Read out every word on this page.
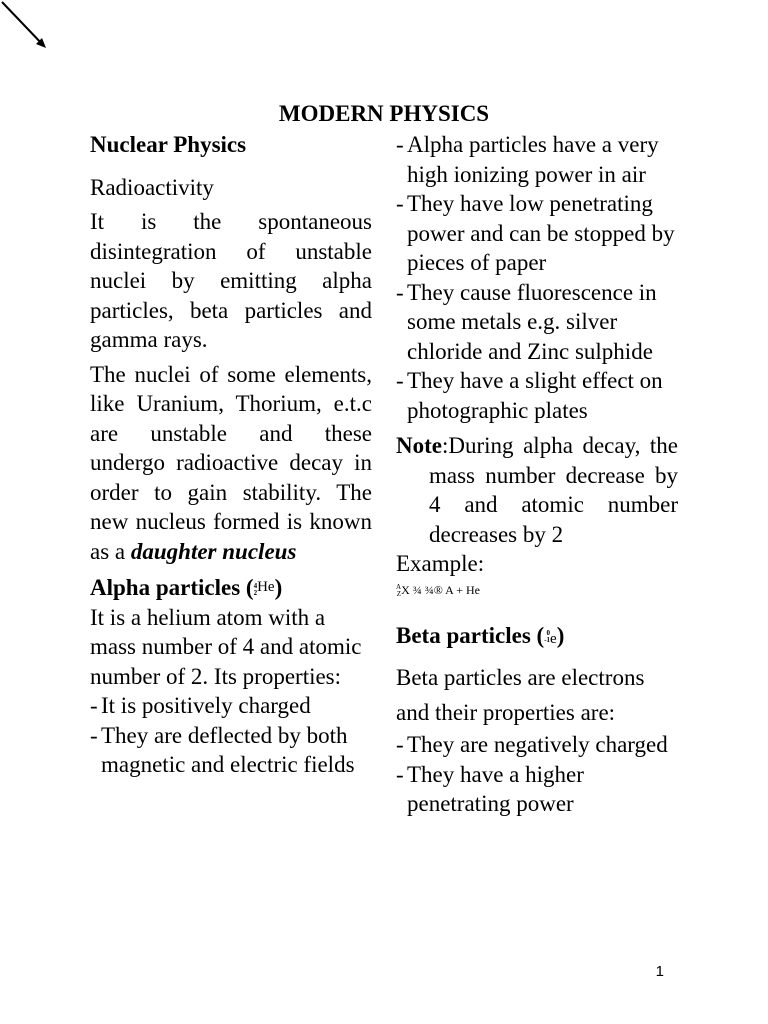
MODERN PHYSICS

Nuclear Physics

Radioactivity

It is the spontaneous disintegration of unstable nuclei by emitting alpha particles, beta particles and gamma rays.

The nuclei of some elements, like Uranium, Thorium, e.t.c are unstable and these undergo radioactive decay in order to gain stability. The new nucleus formed is known as a daughter nucleus

Alpha particles (4
$2^{He}$)

It is a helium atom with a mass number of 4 and atomic number of 2. Its properties:

- It is positively charged
- They are deflected by both magnetic and electric fields
- Alpha particles have a very high ionizing power in air
- They have low penetrating power and can be stopped by pieces of paper
- They cause fluorescence in some metals e.g. silver chloride and Zinc sulphide
- They have a slight effect on photographic plates

Note:During alpha decay, the mass number decrease by 4 and atomic number decreases by 2

Example:

A
ZX ¾ ¾® A + He

Beta particles ( 0
-1e)

Beta particles are electrons and their properties are:

- They are negatively charged
- They have a higher penetrating power
1
